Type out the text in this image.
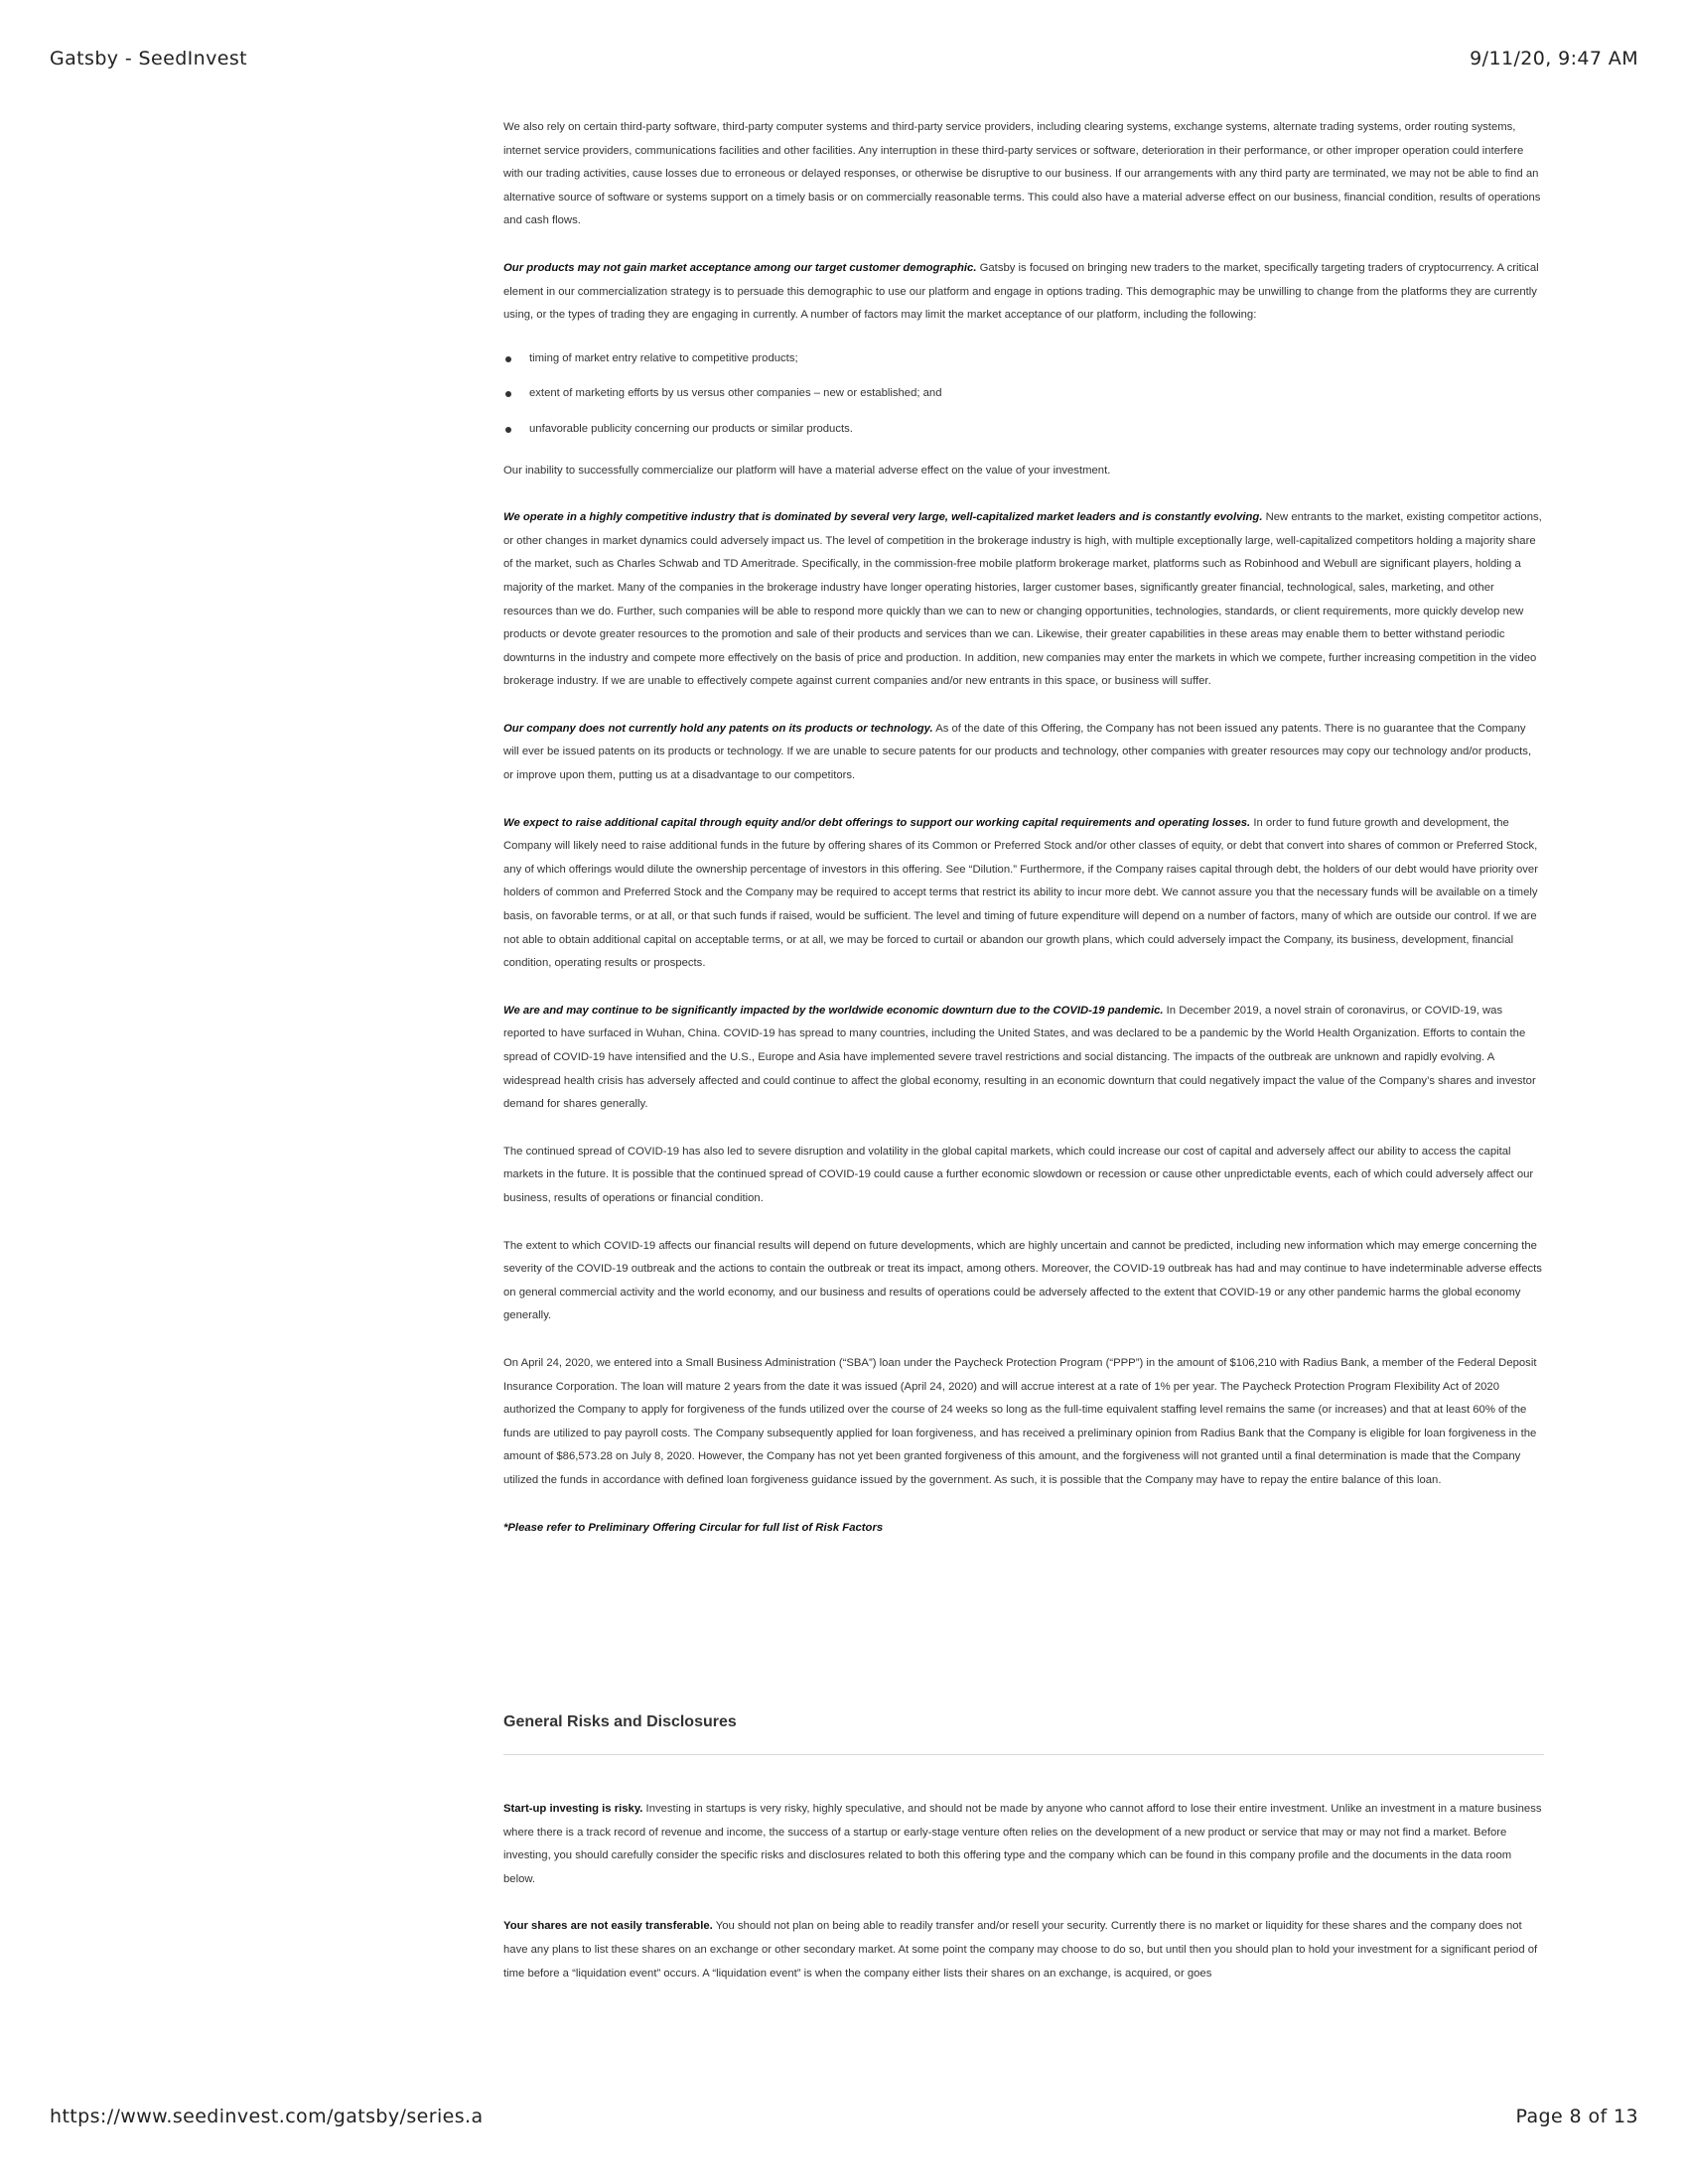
Gatsby - SeedInvest	9/11/20, 9:47 AM

We also rely on certain third-party software, third-party computer systems and third-party service providers, including clearing systems, exchange systems, alternate trading systems, order routing systems, internet service providers, communications facilities and other facilities. Any interruption in these third-party services or software, deterioration in their performance, or other improper operation could interfere with our trading activities, cause losses due to erroneous or delayed responses, or otherwise be disruptive to our business. If our arrangements with any third party are terminated, we may not be able to find an alternative source of software or systems support on a timely basis or on commercially reasonable terms. This could also have a material adverse effect on our business, financial condition, results of operations and cash flows.

Our products may not gain market acceptance among our target customer demographic. Gatsby is focused on bringing new traders to the market, specifically targeting traders of cryptocurrency. A critical element in our commercialization strategy is to persuade this demographic to use our platform and engage in options trading. This demographic may be unwilling to change from the platforms they are currently using, or the types of trading they are engaging in currently. A number of factors may limit the market acceptance of our platform, including the following:

timing of market entry relative to competitive products;
extent of marketing efforts by us versus other companies – new or established; and
unfavorable publicity concerning our products or similar products.

Our inability to successfully commercialize our platform will have a material adverse effect on the value of your investment.

We operate in a highly competitive industry that is dominated by several very large, well-capitalized market leaders and is constantly evolving. New entrants to the market, existing competitor actions, or other changes in market dynamics could adversely impact us. The level of competition in the brokerage industry is high, with multiple exceptionally large, well-capitalized competitors holding a majority share of the market, such as Charles Schwab and TD Ameritrade. Specifically, in the commission-free mobile platform brokerage market, platforms such as Robinhood and Webull are significant players, holding a majority of the market. Many of the companies in the brokerage industry have longer operating histories, larger customer bases, significantly greater financial, technological, sales, marketing, and other resources than we do. Further, such companies will be able to respond more quickly than we can to new or changing opportunities, technologies, standards, or client requirements, more quickly develop new products or devote greater resources to the promotion and sale of their products and services than we can. Likewise, their greater capabilities in these areas may enable them to better withstand periodic downturns in the industry and compete more effectively on the basis of price and production. In addition, new companies may enter the markets in which we compete, further increasing competition in the video brokerage industry. If we are unable to effectively compete against current companies and/or new entrants in this space, or business will suffer.

Our company does not currently hold any patents on its products or technology. As of the date of this Offering, the Company has not been issued any patents. There is no guarantee that the Company will ever be issued patents on its products or technology. If we are unable to secure patents for our products and technology, other companies with greater resources may copy our technology and/or products, or improve upon them, putting us at a disadvantage to our competitors.

We expect to raise additional capital through equity and/or debt offerings to support our working capital requirements and operating losses. In order to fund future growth and development, the Company will likely need to raise additional funds in the future by offering shares of its Common or Preferred Stock and/or other classes of equity, or debt that convert into shares of common or Preferred Stock, any of which offerings would dilute the ownership percentage of investors in this offering. See “Dilution.” Furthermore, if the Company raises capital through debt, the holders of our debt would have priority over holders of common and Preferred Stock and the Company may be required to accept terms that restrict its ability to incur more debt. We cannot assure you that the necessary funds will be available on a timely basis, on favorable terms, or at all, or that such funds if raised, would be sufficient. The level and timing of future expenditure will depend on a number of factors, many of which are outside our control. If we are not able to obtain additional capital on acceptable terms, or at all, we may be forced to curtail or abandon our growth plans, which could adversely impact the Company, its business, development, financial condition, operating results or prospects.

We are and may continue to be significantly impacted by the worldwide economic downturn due to the COVID-19 pandemic. In December 2019, a novel strain of coronavirus, or COVID-19, was reported to have surfaced in Wuhan, China. COVID-19 has spread to many countries, including the United States, and was declared to be a pandemic by the World Health Organization. Efforts to contain the spread of COVID-19 have intensified and the U.S., Europe and Asia have implemented severe travel restrictions and social distancing. The impacts of the outbreak are unknown and rapidly evolving. A widespread health crisis has adversely affected and could continue to affect the global economy, resulting in an economic downturn that could negatively impact the value of the Company’s shares and investor demand for shares generally.

The continued spread of COVID-19 has also led to severe disruption and volatility in the global capital markets, which could increase our cost of capital and adversely affect our ability to access the capital markets in the future. It is possible that the continued spread of COVID-19 could cause a further economic slowdown or recession or cause other unpredictable events, each of which could adversely affect our business, results of operations or financial condition.

The extent to which COVID-19 affects our financial results will depend on future developments, which are highly uncertain and cannot be predicted, including new information which may emerge concerning the severity of the COVID-19 outbreak and the actions to contain the outbreak or treat its impact, among others. Moreover, the COVID-19 outbreak has had and may continue to have indeterminable adverse effects on general commercial activity and the world economy, and our business and results of operations could be adversely affected to the extent that COVID-19 or any other pandemic harms the global economy generally.

On April 24, 2020, we entered into a Small Business Administration (“SBA”) loan under the Paycheck Protection Program (“PPP”) in the amount of $106,210 with Radius Bank, a member of the Federal Deposit Insurance Corporation. The loan will mature 2 years from the date it was issued (April 24, 2020) and will accrue interest at a rate of 1% per year. The Paycheck Protection Program Flexibility Act of 2020 authorized the Company to apply for forgiveness of the funds utilized over the course of 24 weeks so long as the full-time equivalent staffing level remains the same (or increases) and that at least 60% of the funds are utilized to pay payroll costs. The Company subsequently applied for loan forgiveness, and has received a preliminary opinion from Radius Bank that the Company is eligible for loan forgiveness in the amount of $86,573.28 on July 8, 2020. However, the Company has not yet been granted forgiveness of this amount, and the forgiveness will not granted until a final determination is made that the Company utilized the funds in accordance with defined loan forgiveness guidance issued by the government. As such, it is possible that the Company may have to repay the entire balance of this loan.

*Please refer to Preliminary Offering Circular for full list of Risk Factors

General Risks and Disclosures

Start-up investing is risky. Investing in startups is very risky, highly speculative, and should not be made by anyone who cannot afford to lose their entire investment. Unlike an investment in a mature business where there is a track record of revenue and income, the success of a startup or early-stage venture often relies on the development of a new product or service that may or may not find a market. Before investing, you should carefully consider the specific risks and disclosures related to both this offering type and the company which can be found in this company profile and the documents in the data room below.

Your shares are not easily transferable. You should not plan on being able to readily transfer and/or resell your security. Currently there is no market or liquidity for these shares and the company does not have any plans to list these shares on an exchange or other secondary market. At some point the company may choose to do so, but until then you should plan to hold your investment for a significant period of time before a “liquidation event” occurs. A “liquidation event” is when the company either lists their shares on an exchange, is acquired, or goes

https://www.seedinvest.com/gatsby/series.a	Page 8 of 13
